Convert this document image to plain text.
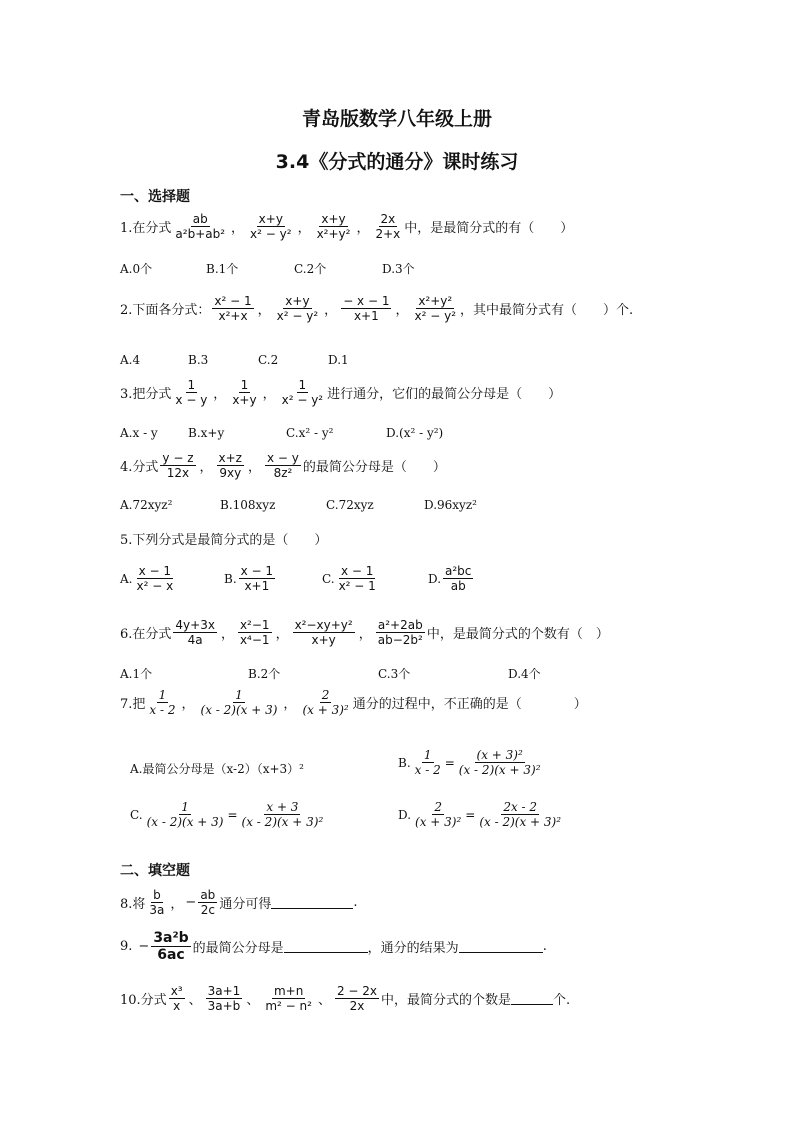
青岛版数学八年级上册
3.4《分式的通分》课时练习
一、选择题
1.在分式 $\frac{ab}{\text{a²b+ab²}}$ ， $\frac{x+y}{\text{x² − y²}}$ ， $\frac{x+y}{\text{x²+y²}}$ ， $\frac{2x}{2+x}$ 中，是最简分式的有（　　）
A.0个	B.1个	C.2个	D.3个
2.下面各分式： $\frac{\text{x² − 1}}{\text{x²+x}}$ ， $\frac{x+y}{\text{x² − y²}}$ ， $\frac{- x - 1}{x+1}$ ， $\frac{\text{x²+y²}}{\text{x² − y²}}$ ，其中最简分式有（　　）个.
A.4	B.3	C.2	D.1
3.把分式 $\frac{1}{x - y}$ ， $\frac{1}{x+y}$ ， $\frac{1}{\text{x² − y²}}$ 进行通分，它们的最简公分母是（　　）
A.x - y	B.x+y	C.x² - y²	D.(x² - y²)
4.分式 $\frac{y - z}{12x}$ ， $\frac{x+z}{9xy}$ ， $\frac{x - y}{\text{8z²}}$ 的最简公分母是（　　）
A.72xyz²	B.108xyz	C.72xyz	D.96xyz²
5.下列分式是最简分式的是（　　）
A. $\frac{x - 1}{\text{x² − x}}$	B. $\frac{x - 1}{x+1}$	C. $\frac{x - 1}{\text{x² − 1}}$	D. $\frac{\text{a²bc}}{ab}$
6.在分式 $\frac{4y+3x}{4a}$ ， $\frac{\text{x²−1}}{\text{x⁴−1}}$ ， $\frac{\text{x²−xy+y²}}{x+y}$ ， $\frac{\text{a²+2ab}}{\text{ab−2b²}}$ 中，是最简分式的个数有（　）
A.1个	B.2个	C.3个	D.4个
7.把 $\frac{1}{x - 2}$ ， $\frac{1}{(x - 2)(x + 3)}$ ， $\frac{2}{\text{(x + 3)²}}$ 通分的过程中，不正确的是（　　　　）
A.最简公分母是（x-2）（x+3）²	B. $\frac{1}{x - 2} = \frac{\text{(x + 3)²}}{\text{(x - 2)(x + 3)²}}$
C. $\frac{1}{(x - 2)(x + 3)} = \frac{x + 3}{\text{(x - 2)(x + 3)²}}$	D. $\frac{2}{\text{(x + 3)²}} = \frac{2x - 2}{\text{(x - 2)(x + 3)²}}$
二、填空题
8.将 $\frac{b}{3a}$ ， − $\frac{ab}{2c}$ 通分可得	.
9. − $\frac{\text{3a²b}}{6ac}$ 的最简公分母是	，通分的结果为	.
10.分式 $\frac{\text{x³}}{x}$ 、 $\frac{3a+1}{3a+b}$ 、 $\frac{m+n}{\text{m² − n²}}$ 、 $\frac{2 - 2x}{2x}$ 中，最简分式的个数是	个.
